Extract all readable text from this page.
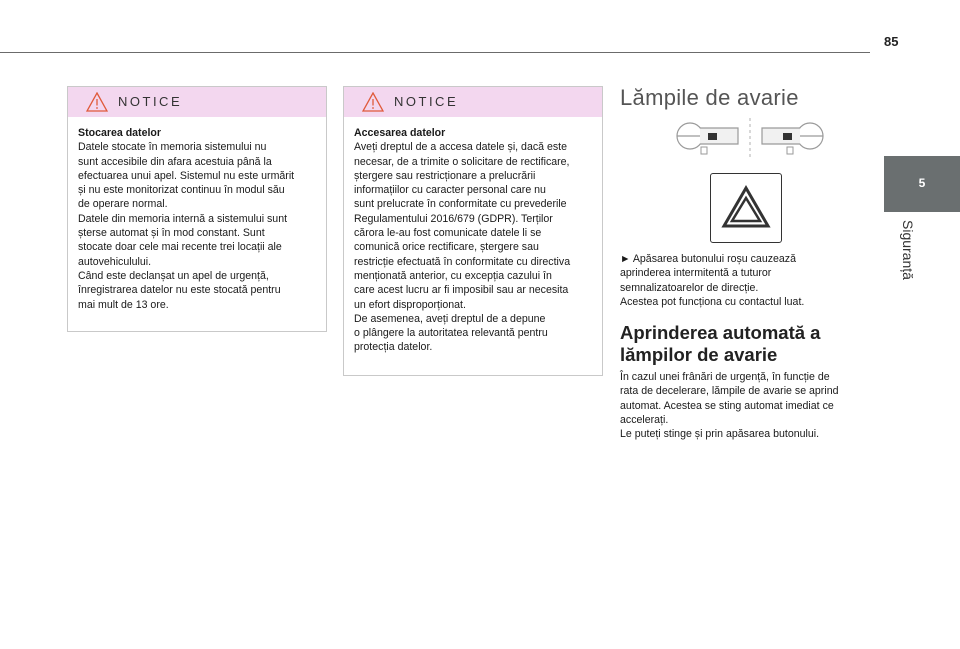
85
5
Siguranță
NOTICE
Stocarea datelor

Datele stocate în memoria sistemului nu

sunt accesibile din afara acestuia până la

efectuarea unui apel. Sistemul nu este urmărit

și nu este monitorizat continuu în modul său

de operare normal.

Datele din memoria internă a sistemului sunt

șterse automat și în mod constant. Sunt

stocate doar cele mai recente trei locații ale

autovehiculului.

Când este declanșat un apel de urgență,

înregistrarea datelor nu este stocată pentru

mai mult de 13 ore.

NOTICE
Accesarea datelor

Aveți dreptul de a accesa datele și, dacă este

necesar, de a trimite o solicitare de rectificare,

ștergere sau restricționare a prelucrării

informațiilor cu caracter personal care nu

sunt prelucrate în conformitate cu prevederile

Regulamentului 2016/679 (GDPR). Terților

cărora le-au fost comunicate datele li se

comunică orice rectificare, ștergere sau

restricție efectuată în conformitate cu directiva

menționată anterior, cu excepția cazului în

care acest lucru ar fi imposibil sau ar necesita

un efort disproporționat.

De asemenea, aveți dreptul de a depune

o plângere la autoritatea relevantă pentru

protecția datelor.

Lămpile de avarie

► Apăsarea butonului roșu cauzează

aprinderea intermitentă a tuturor

semnalizatoarelor de direcție.

Acestea pot funcționa cu contactul luat.

Aprinderea automată a
lămpilor de avarie

În cazul unei frânări de urgență, în funcție de

rata de decelerare, lămpile de avarie se aprind

automat. Acestea se sting automat imediat ce

accelerați.

Le puteți stinge și prin apăsarea butonului.
